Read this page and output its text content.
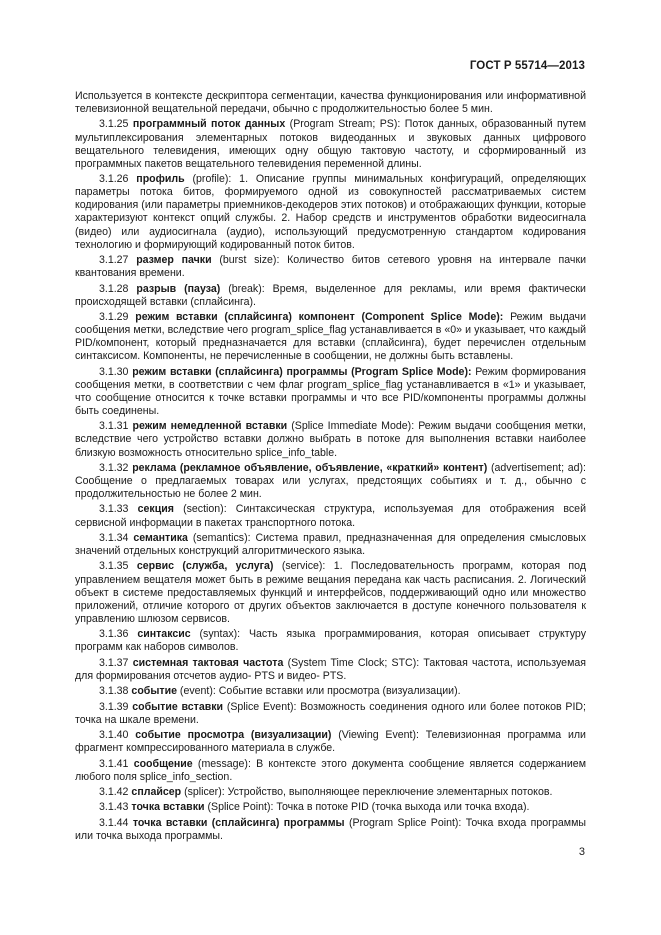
ГОСТ Р 55714—2013

Используется в контексте дескриптора сегментации, качества функционирования или информативной телевизионной вещательной передачи, обычно с продолжительностью более 5 мин.

3.1.25 программный поток данных (Program Stream; PS): Поток данных, образованный путем мультиплексирования элементарных потоков видеоданных и звуковых данных цифрового вещательного телевидения, имеющих одну общую тактовую частоту, и сформированный из программных пакетов вещательного телевидения переменной длины.

3.1.26 профиль (profile): 1. Описание группы минимальных конфигураций, определяющих параметры потока битов, формируемого одной из совокупностей рассматриваемых систем кодирования (или параметры приемников-декодеров этих потоков) и отображающих функции, которые характеризуют контекст опций службы. 2. Набор средств и инструментов обработки видеосигнала (видео) или аудиосигнала (аудио), использующий предусмотренную стандартом кодирования технологию и формирующий кодированный поток битов.

3.1.27 размер пачки (burst size): Количество битов сетевого уровня на интервале пачки квантования времени.

3.1.28 разрыв (пауза) (break): Время, выделенное для рекламы, или время фактически происходящей вставки (сплайсинга).

3.1.29 режим вставки (сплайсинга) компонент (Component Splice Mode): Режим выдачи сообщения метки, вследствие чего program_splice_flag устанавливается в «0» и указывает, что каждый PID/компонент, который предназначается для вставки (сплайсинга), будет перечислен отдельным синтаксисом. Компоненты, не перечисленные в сообщении, не должны быть вставлены.

3.1.30 режим вставки (сплайсинга) программы (Program Splice Mode): Режим формирования сообщения метки, в соответствии с чем флаг program_splice_flag устанавливается в «1» и указывает, что сообщение относится к точке вставки программы и что все PID/компоненты программы должны быть соединены.

3.1.31 режим немедленной вставки (Splice Immediate Mode): Режим выдачи сообщения метки, вследствие чего устройство вставки должно выбрать в потоке для выполнения вставки наиболее близкую возможность относительно splice_info_table.

3.1.32 реклама (рекламное объявление, объявление, «краткий» контент) (advertisement; ad): Сообщение о предлагаемых товарах или услугах, предстоящих событиях и т. д., обычно с продолжительностью не более 2 мин.

3.1.33 секция (section): Синтаксическая структура, используемая для отображения всей сервисной информации в пакетах транспортного потока.

3.1.34 семантика (semantics): Система правил, предназначенная для определения смысловых значений отдельных конструкций алгоритмического языка.

3.1.35 сервис (служба, услуга) (service): 1. Последовательность программ, которая под управлением вещателя может быть в режиме вещания передана как часть расписания. 2. Логический объект в системе предоставляемых функций и интерфейсов, поддерживающий одно или множество приложений, отличие которого от других объектов заключается в доступе конечного пользователя к управлению шлюзом сервисов.

3.1.36 синтаксис (syntax): Часть языка программирования, которая описывает структуру программ как наборов символов.

3.1.37 системная тактовая частота (System Time Clock; STC): Тактовая частота, используемая для формирования отсчетов аудио- PTS и видео- PTS.

3.1.38 событие (event): Событие вставки или просмотра (визуализации).

3.1.39 событие вставки (Splice Event): Возможность соединения одного или более потоков PID; точка на шкале времени.

3.1.40 событие просмотра (визуализации) (Viewing Event): Телевизионная программа или фрагмент компрессированного материала в службе.

3.1.41 сообщение (message): В контексте этого документа сообщение является содержанием любого поля splice_info_section.

3.1.42 сплайсер (splicer): Устройство, выполняющее переключение элементарных потоков.

3.1.43 точка вставки (Splice Point): Точка в потоке PID (точка выхода или точка входа).

3.1.44 точка вставки (сплайсинга) программы (Program Splice Point): Точка входа программы или точка выхода программы.

3
